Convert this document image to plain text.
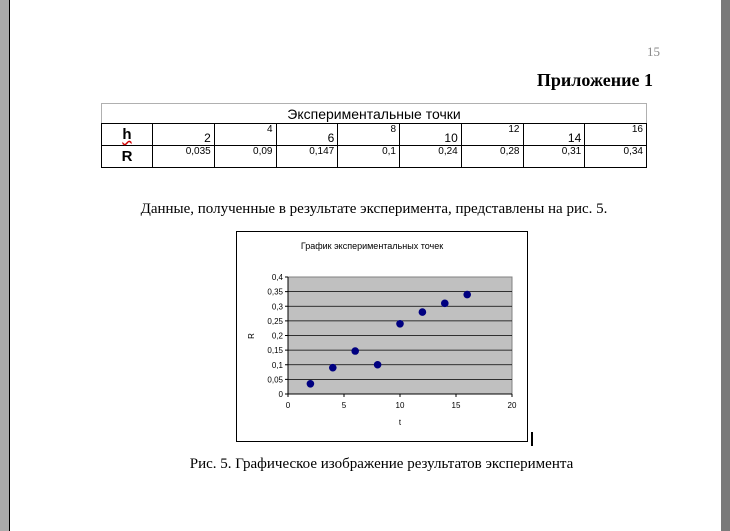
15
Приложение 1
Экспериментальные точки								
h	2	4	6	8	10	12	14	16
R	0,035	0,09	0,147	0,1	0,24	0,28	0,31	0,34
Данные, полученные в результате эксперимента, представлены на рис. 5.
График экспериментальных точек
t
R
0
0,05
0,1
0,15
0,2
0,25
0,3
0,35
0,4
0	5	10	15	20
Рис. 5. Графическое изображение результатов эксперимента
